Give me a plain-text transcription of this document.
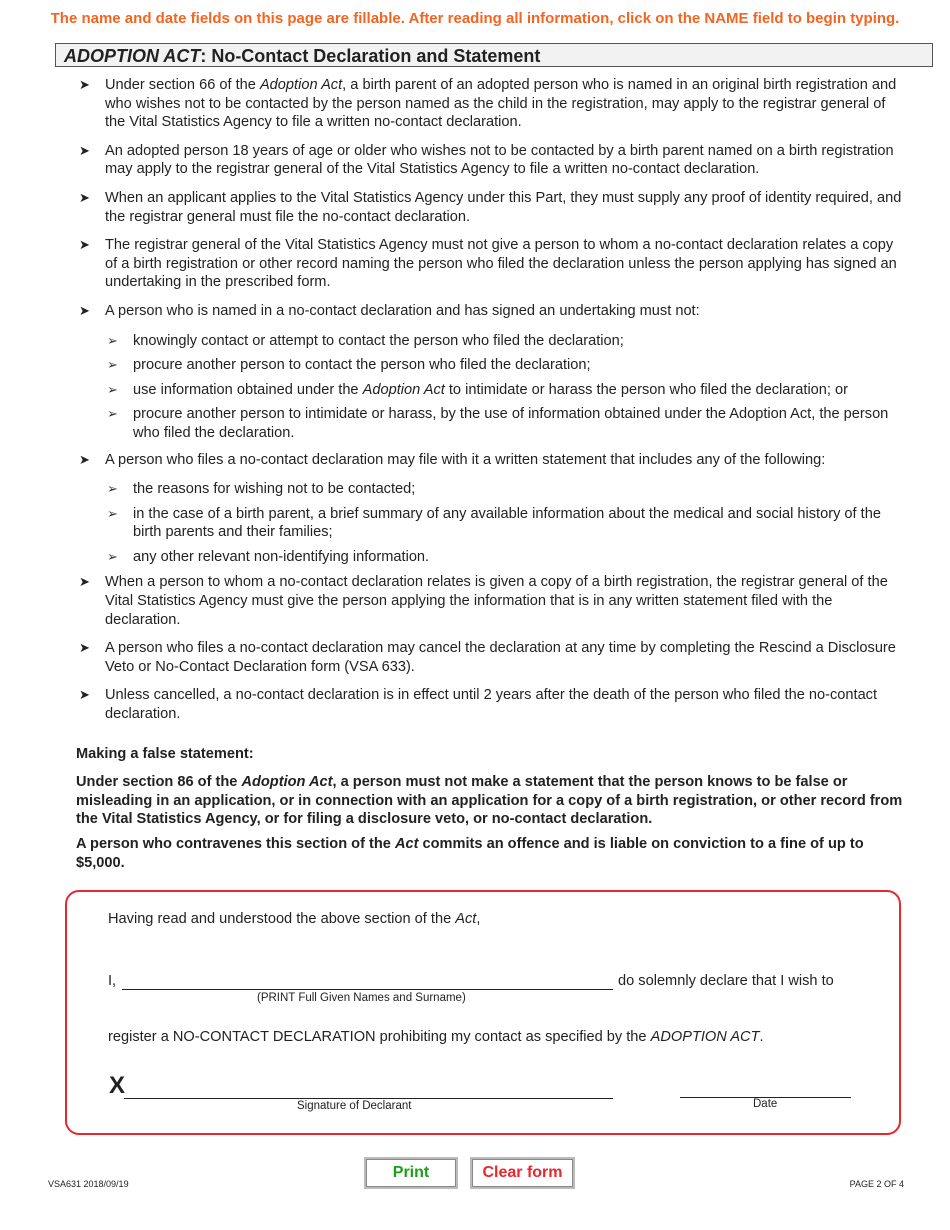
The name and date fields on this page are fillable. After reading all information, click on the NAME field to begin typing.
ADOPTION ACT: No-Contact Declaration and Statement
➤ Under section 66 of the Adoption Act, a birth parent of an adopted person who is named in an original birth registration and who wishes not to be contacted by the person named as the child in the registration, may apply to the registrar general of the Vital Statistics Agency to file a written no-contact declaration.
➤ An adopted person 18 years of age or older who wishes not to be contacted by a birth parent named on a birth registration may apply to the registrar general of the Vital Statistics Agency to file a written no-contact declaration.
➤ When an applicant applies to the Vital Statistics Agency under this Part, they must supply any proof of identity required, and the registrar general must file the no-contact declaration.
➤ The registrar general of the Vital Statistics Agency must not give a person to whom a no-contact declaration relates a copy of a birth registration or other record naming the person who filed the declaration unless the person applying has signed an undertaking in the prescribed form.
➤ A person who is named in a no-contact declaration and has signed an undertaking must not:
➢ knowingly contact or attempt to contact the person who filed the declaration;
➢ procure another person to contact the person who filed the declaration;
➢ use information obtained under the Adoption Act to intimidate or harass the person who filed the declaration; or
➢ procure another person to intimidate or harass, by the use of information obtained under the Adoption Act, the person who filed the declaration.
➤ A person who files a no-contact declaration may file with it a written statement that includes any of the following:
➢ the reasons for wishing not to be contacted;
➢ in the case of a birth parent, a brief summary of any available information about the medical and social history of the birth parents and their families;
➢ any other relevant non-identifying information.
➤ When a person to whom a no-contact declaration relates is given a copy of a birth registration, the registrar general of the Vital Statistics Agency must give the person applying the information that is in any written statement filed with the declaration.
➤ A person who files a no-contact declaration may cancel the declaration at any time by completing the Rescind a Disclosure Veto or No-Contact Declaration form (VSA 633).
➤ Unless cancelled, a no-contact declaration is in effect until 2 years after the death of the person who filed the no-contact declaration.
Making a false statement:
Under section 86 of the Adoption Act, a person must not make a statement that the person knows to be false or misleading in an application, or in connection with an application for a copy of a birth registration, or other record from the Vital Statistics Agency, or for filing a disclosure veto, or no-contact declaration.
A person who contravenes this section of the Act commits an offence and is liable on conviction to a fine of up to $5,000.
Having read and understood the above section of the Act,
I,	do solemnly declare that I wish to
(PRINT Full Given Names and Surname)
register a NO-CONTACT DECLARATION prohibiting my contact as specified by the ADOPTION ACT.
X
Signature of Declarant	Date
VSA631 2018/09/19
Print	Clear form
PAGE 2 OF 4
